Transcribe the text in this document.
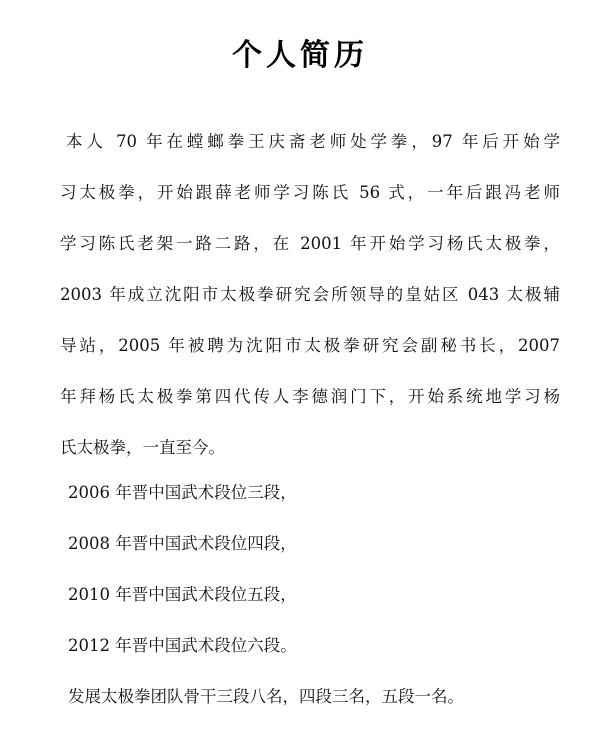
个人简历
本人 70 年在螳螂拳王庆斋老师处学拳，97 年后开始学
习太极拳，开始跟薛老师学习陈氏 56 式，一年后跟冯老师
学习陈氏老架一路二路，在 2001 年开始学习杨氏太极拳，
2003 年成立沈阳市太极拳研究会所领导的皇姑区 043 太极辅
导站，2005 年被聘为沈阳市太极拳研究会副秘书长，2007
年拜杨氏太极拳第四代传人李德润门下，开始系统地学习杨
氏太极拳，一直至今。
2006 年晋中国武术段位三段，
2008 年晋中国武术段位四段，
2010 年晋中国武术段位五段，
2012 年晋中国武术段位六段。
发展太极拳团队骨干三段八名，四段三名，五段一名。
